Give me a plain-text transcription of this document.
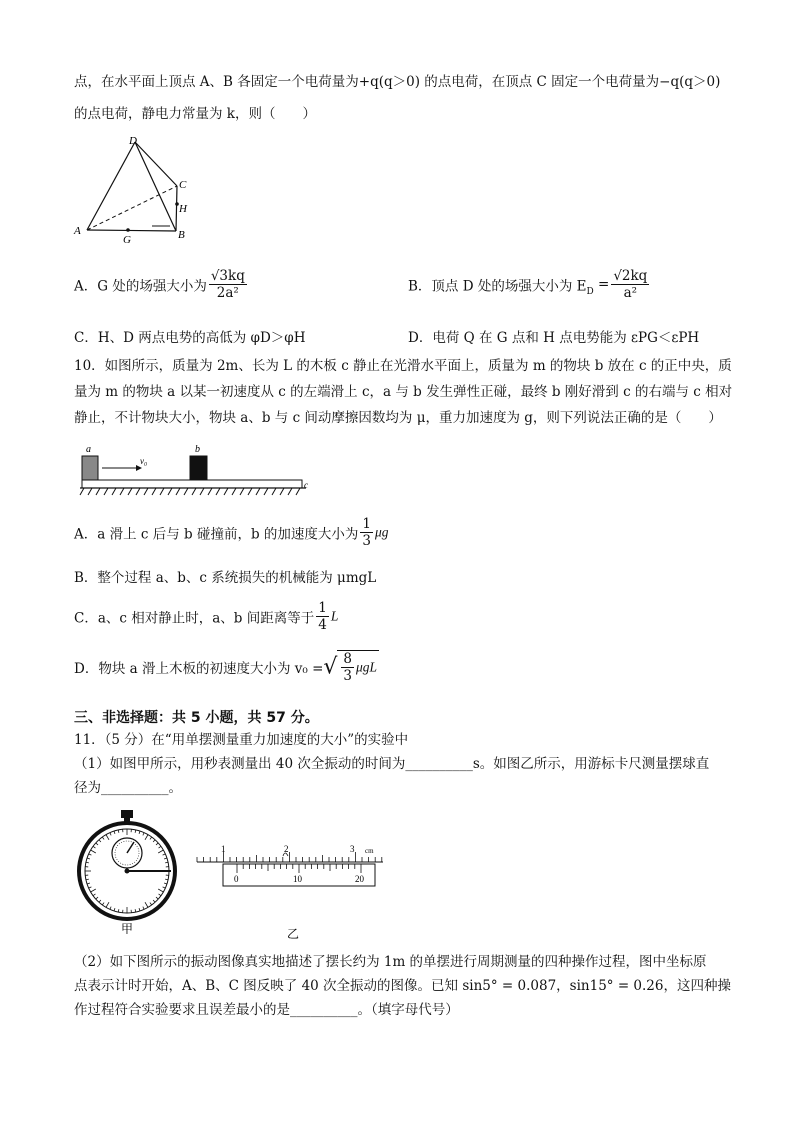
点，在水平面上顶点 A、B 各固定一个电荷量为+q(q＞0) 的点电荷，在顶点 C 固定一个电荷量为−q(q＞0)
的点电荷，静电力常量为 k，则（　　）
D
C
H
A
G	B
A．G 处的场强大小为 $\frac{√3kq}{\text{2a²}}$	B．顶点 D 处的场强大小为 $E_D = \frac{√2kq}{\text{a²}}$
C．H、D 两点电势的高低为 φD＞φH	D．电荷 Q 在 G 点和 H 点电势能为 εPG＜εPH
10．如图所示，质量为 2m、长为 L 的木板 c 静止在光滑水平面上，质量为 m 的物块 b 放在 c 的正中央，质
量为 m 的物块 a 以某一初速度从 c 的左端滑上 c，a 与 b 发生弹性正碰，最终 b 刚好滑到 c 的右端与 c 相对
静止，不计物块大小，物块 a、b 与 c 间动摩擦因数均为 μ，重力加速度为 g，则下列说法正确的是（　　）
a	b
v₀
c
A．a 滑上 c 后与 b 碰撞前，b 的加速度大小为 $\frac{1}{3}$ μg
B．整个过程 a、b、c 系统损失的机械能为 μmgL
C．a、c 相对静止时，a、b 间距离等于 $\frac{1}{4}$ L
D．物块 a 滑上木板的初速度大小为 v₀ =√ $\frac{8}{3}$ μgL
三、非选择题：共 5 小题，共 57 分。
11．（5 分）在“用单摆测量重力加速度的大小”的实验中
（1）如图甲所示，用秒表测量出 40 次全振动的时间为__________s。如图乙所示，用游标卡尺测量摆球直
径为__________。
甲
1	2	3 cm
0	10	20
乙
（2）如下图所示的振动图像真实地描述了摆长约为 1m 的单摆进行周期测量的四种操作过程，图中坐标原
点表示计时开始，A、B、C 图反映了 40 次全振动的图像。已知 sin5° = 0.087，sin15° = 0.26，这四种操
作过程符合实验要求且误差最小的是__________。（填字母代号）
